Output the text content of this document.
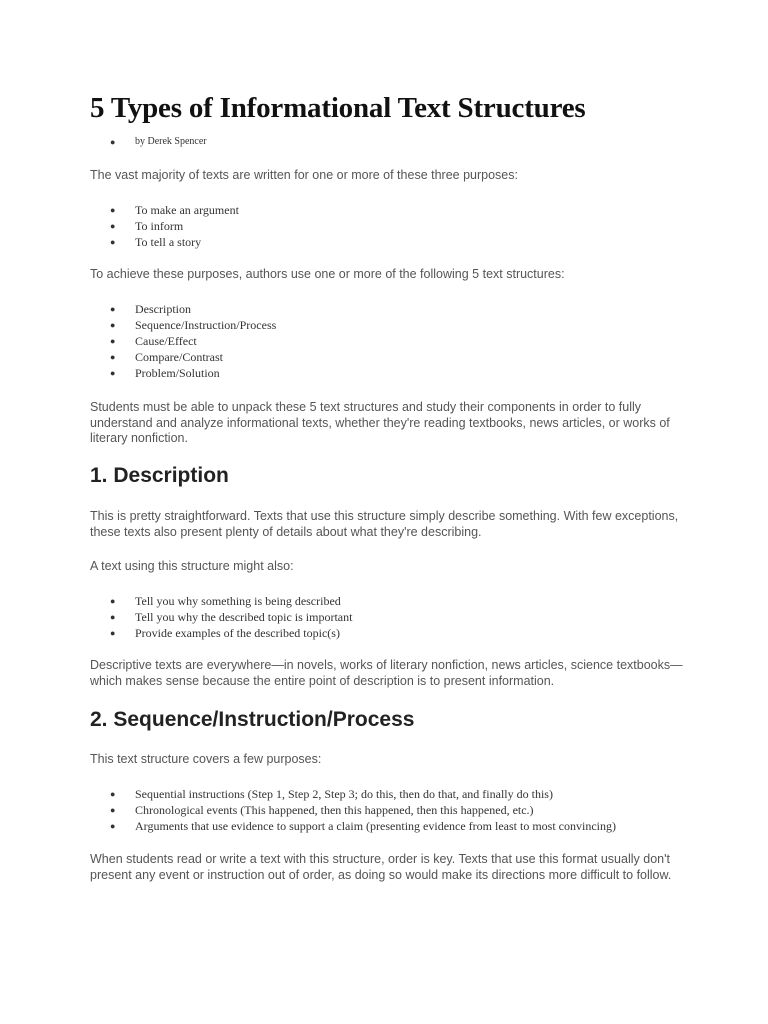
5 Types of Informational Text Structures
● by Derek Spencer

The vast majority of texts are written for one or more of these three purposes:

● To make an argument
● To inform
● To tell a story

To achieve these purposes, authors use one or more of the following 5 text structures:

● Description
● Sequence/Instruction/Process
● Cause/Effect
● Compare/Contrast
● Problem/Solution

Students must be able to unpack these 5 text structures and study their components in order to fully understand and analyze informational texts, whether they're reading textbooks, news articles, or works of literary nonfiction.

1. Description

This is pretty straightforward. Texts that use this structure simply describe something. With few exceptions, these texts also present plenty of details about what they're describing.

A text using this structure might also:

● Tell you why something is being described
● Tell you why the described topic is important
● Provide examples of the described topic(s)

Descriptive texts are everywhere—in novels, works of literary nonfiction, news articles, science textbooks—which makes sense because the entire point of description is to present information.

2. Sequence/Instruction/Process

This text structure covers a few purposes:

● Sequential instructions (Step 1, Step 2, Step 3; do this, then do that, and finally do this)
● Chronological events (This happened, then this happened, then this happened, etc.)
● Arguments that use evidence to support a claim (presenting evidence from least to most convincing)

When students read or write a text with this structure, order is key. Texts that use this format usually don't present any event or instruction out of order, as doing so would make its directions more difficult to follow.
